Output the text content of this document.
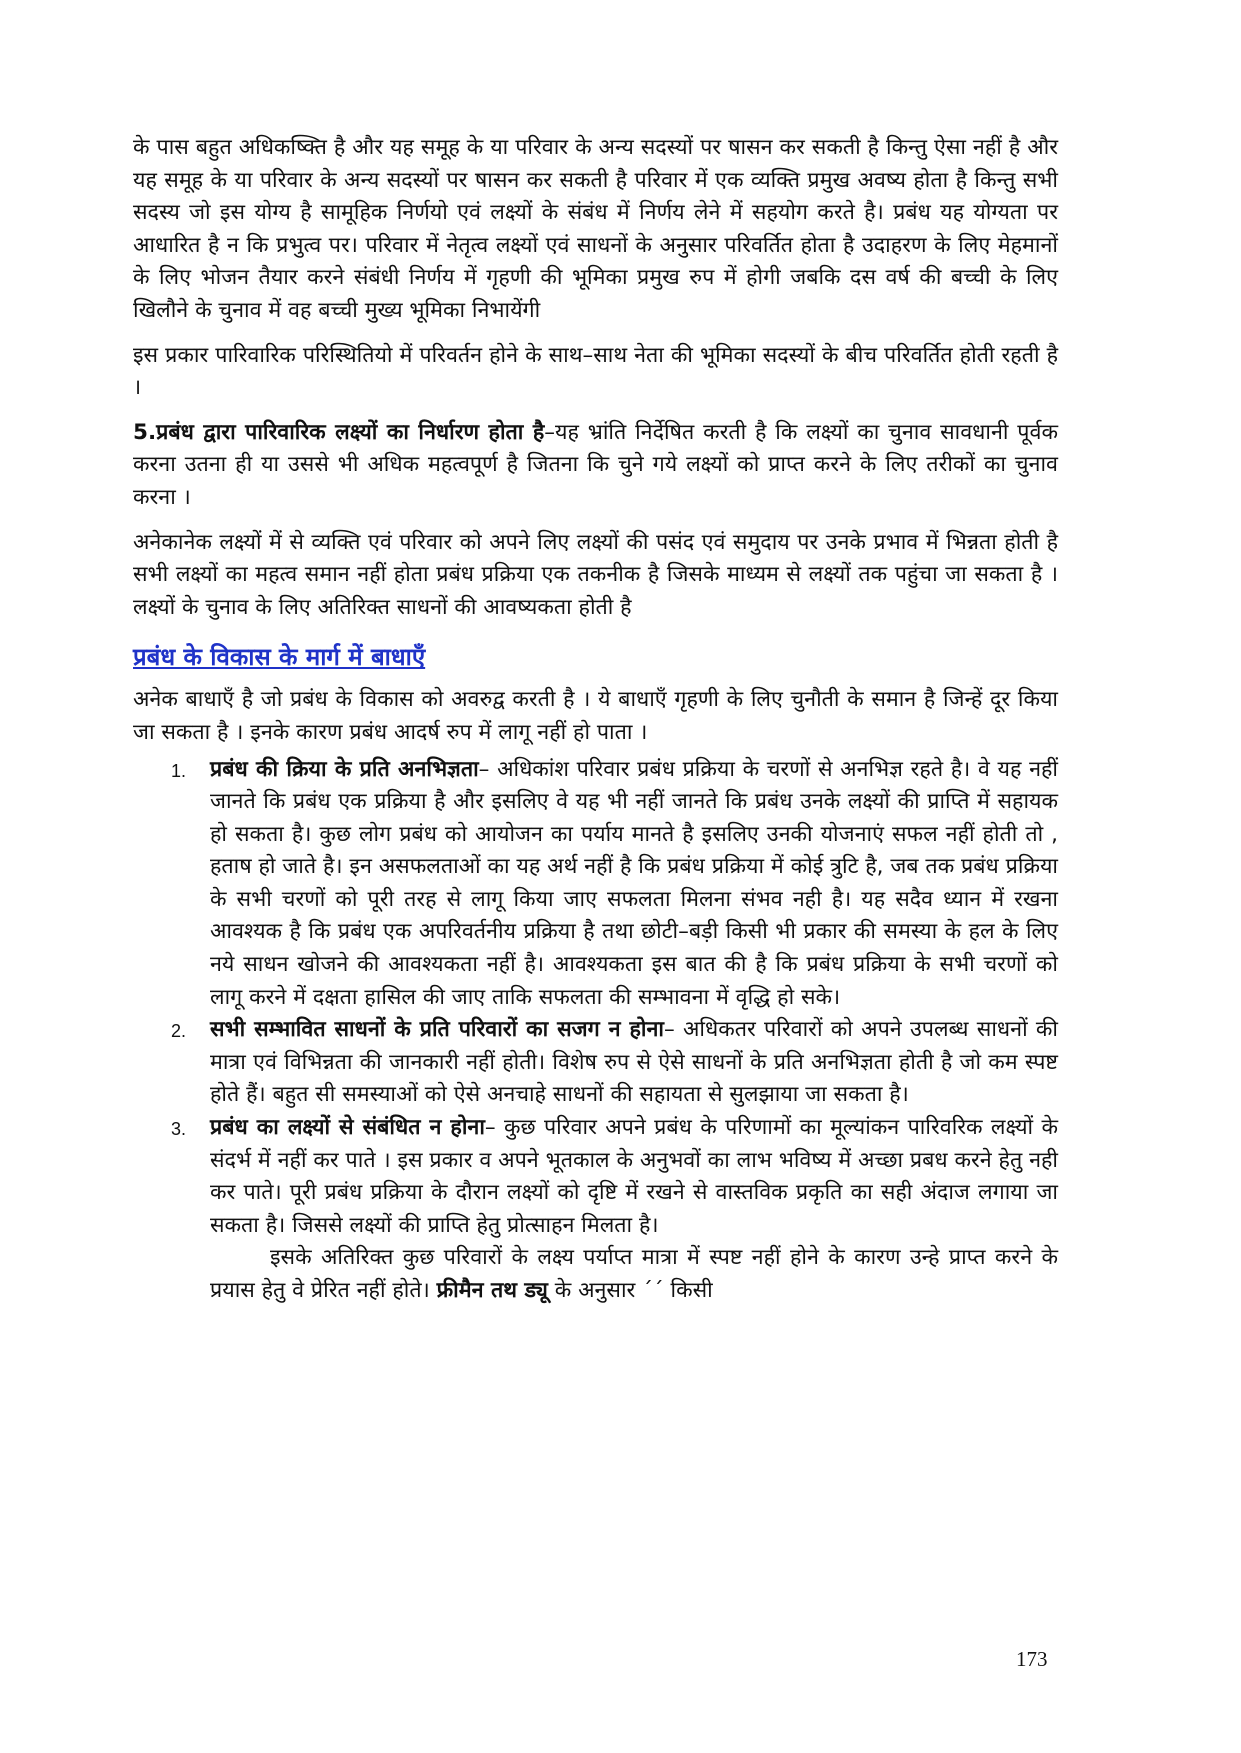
के पास बहुत अधिकष्क्ति है और यह समूह के या परिवार के अन्य सदस्यों पर षासन कर सकती है किन्तु ऐसा नहीं है और यह समूह के या परिवार के अन्य सदस्यों पर षासन कर सकती है परिवार में एक व्यक्ति प्रमुख अवष्य होता है किन्तु सभी सदस्य जो इस योग्य है सामूहिक निर्णयो एवं लक्ष्यों के संबंध में निर्णय लेने में सहयोग करते है। प्रबंध यह योग्यता पर आधारित है न कि प्रभुत्व पर। परिवार में नेतृत्व लक्ष्यों एवं साधनों के अनुसार परिवर्तित होता है उदाहरण के लिए मेहमानों के लिए भोजन तैयार करने संबंधी निर्णय में गृहणी की भूमिका प्रमुख रुप में होगी जबकि दस वर्ष की बच्ची के लिए खिलौने के चुनाव में वह बच्ची मुख्य भूमिका निभायेंगी

इस प्रकार पारिवारिक परिस्थितियो में परिवर्तन होने के साथ–साथ नेता की भूमिका सदस्यों के बीच परिवर्तित होती रहती है ।

5.प्रबंध द्वारा पारिवारिक लक्ष्यों का निर्धारण होता है–यह भ्रांति निर्देषित करती है कि लक्ष्यों का चुनाव सावधानी पूर्वक करना उतना ही या उससे भी अधिक महत्वपूर्ण है जितना कि चुने गये लक्ष्यों को प्राप्त करने के लिए तरीकों का चुनाव करना ।

अनेकानेक लक्ष्यों में से व्यक्ति एवं परिवार को अपने लिए लक्ष्यों की पसंद एवं समुदाय पर उनके प्रभाव में भिन्नता होती है सभी लक्ष्यों का महत्व समान नहीं होता प्रबंध प्रक्रिया एक तकनीक है जिसके माध्यम से लक्ष्यों तक पहुंचा जा सकता है । लक्ष्यों के चुनाव के लिए अतिरिक्त साधनों की आवष्यकता होती है

प्रबंध के विकास के मार्ग में बाधाऍं

अनेक बाधाऍं है जो प्रबंध के विकास को अवरुद्व करती है । ये बाधाऍं गृहणी के लिए चुनौती के समान है जिन्हें दूर किया जा सकता है । इनके कारण प्रबंध आदर्ष रुप में लागू नहीं हो पाता ।

1. प्रबंध की क्रिया के प्रति अनभिज्ञता– अधिकांश परिवार प्रबंध प्रक्रिया के चरणों से अनभिज्ञ रहते है। वे यह नहीं जानते कि प्रबंध एक प्रक्रिया है और इसलिए वे यह भी नहीं जानते कि प्रबंध उनके लक्ष्यों की प्राप्ति में सहायक हो सकता है। कुछ लोग प्रबंध को आयोजन का पर्याय मानते है इसलिए उनकी योजनाएं सफल नहीं होती तो , हताष हो जाते है। इन असफलताओं का यह अर्थ नहीं है कि प्रबंध प्रक्रिया में कोई त्रुटि है, जब तक प्रबंध प्रक्रिया के सभी चरणों को पूरी तरह से लागू किया जाए सफलता मिलना संभव नही है। यह सदैव ध्यान में रखना आवश्यक है कि प्रबंध एक अपरिवर्तनीय प्रक्रिया है तथा छोटी–बड़ी किसी भी प्रकार की समस्या के हल के लिए नये साधन खोजने की आवश्यकता नहीं है। आवश्यकता इस बात की है कि प्रबंध प्रक्रिया के सभी चरणों को लागू करने में दक्षता हासिल की जाए ताकि सफलता की सम्भावना में वृद्धि हो सके।

2. सभी सम्भावित साधनों के प्रति परिवारों का सजग न होना– अधिकतर परिवारों को अपने उपलब्ध साधनों की मात्रा एवं विभिन्नता की जानकारी नहीं होती। विशेष रुप से ऐसे साधनों के प्रति अनभिज्ञता होती है जो कम स्पष्ट होते हैं। बहुत सी समस्याओं को ऐसे अनचाहे साधनों की सहायता से सुलझाया जा सकता है।

3. प्रबंध का लक्ष्यों से संबंधित न होना– कुछ परिवार अपने प्रबंध के परिणामों का मूल्यांकन पारिवरिक लक्ष्यों के संदर्भ में नहीं कर पाते । इस प्रकार व अपने भूतकाल के अनुभवों का लाभ भविष्य में अच्छा प्रबध करने हेतु नही कर पाते। पूरी प्रबंध प्रक्रिया के दौरान लक्ष्यों को दृष्टि में रखने से वास्तविक प्रकृति का सही अंदाज लगाया जा सकता है। जिससे लक्ष्यों की प्राप्ति हेतु प्रोत्साहन मिलता है।

इसके अतिरिक्त कुछ परिवारों के लक्ष्य पर्याप्त मात्रा में स्पष्ट नहीं होने के कारण उन्हे प्राप्त करने के प्रयास हेतु वे प्रेरित नहीं होते। फ्रीमैन तथ ड्यू के अनुसार ´´ किसी

173
